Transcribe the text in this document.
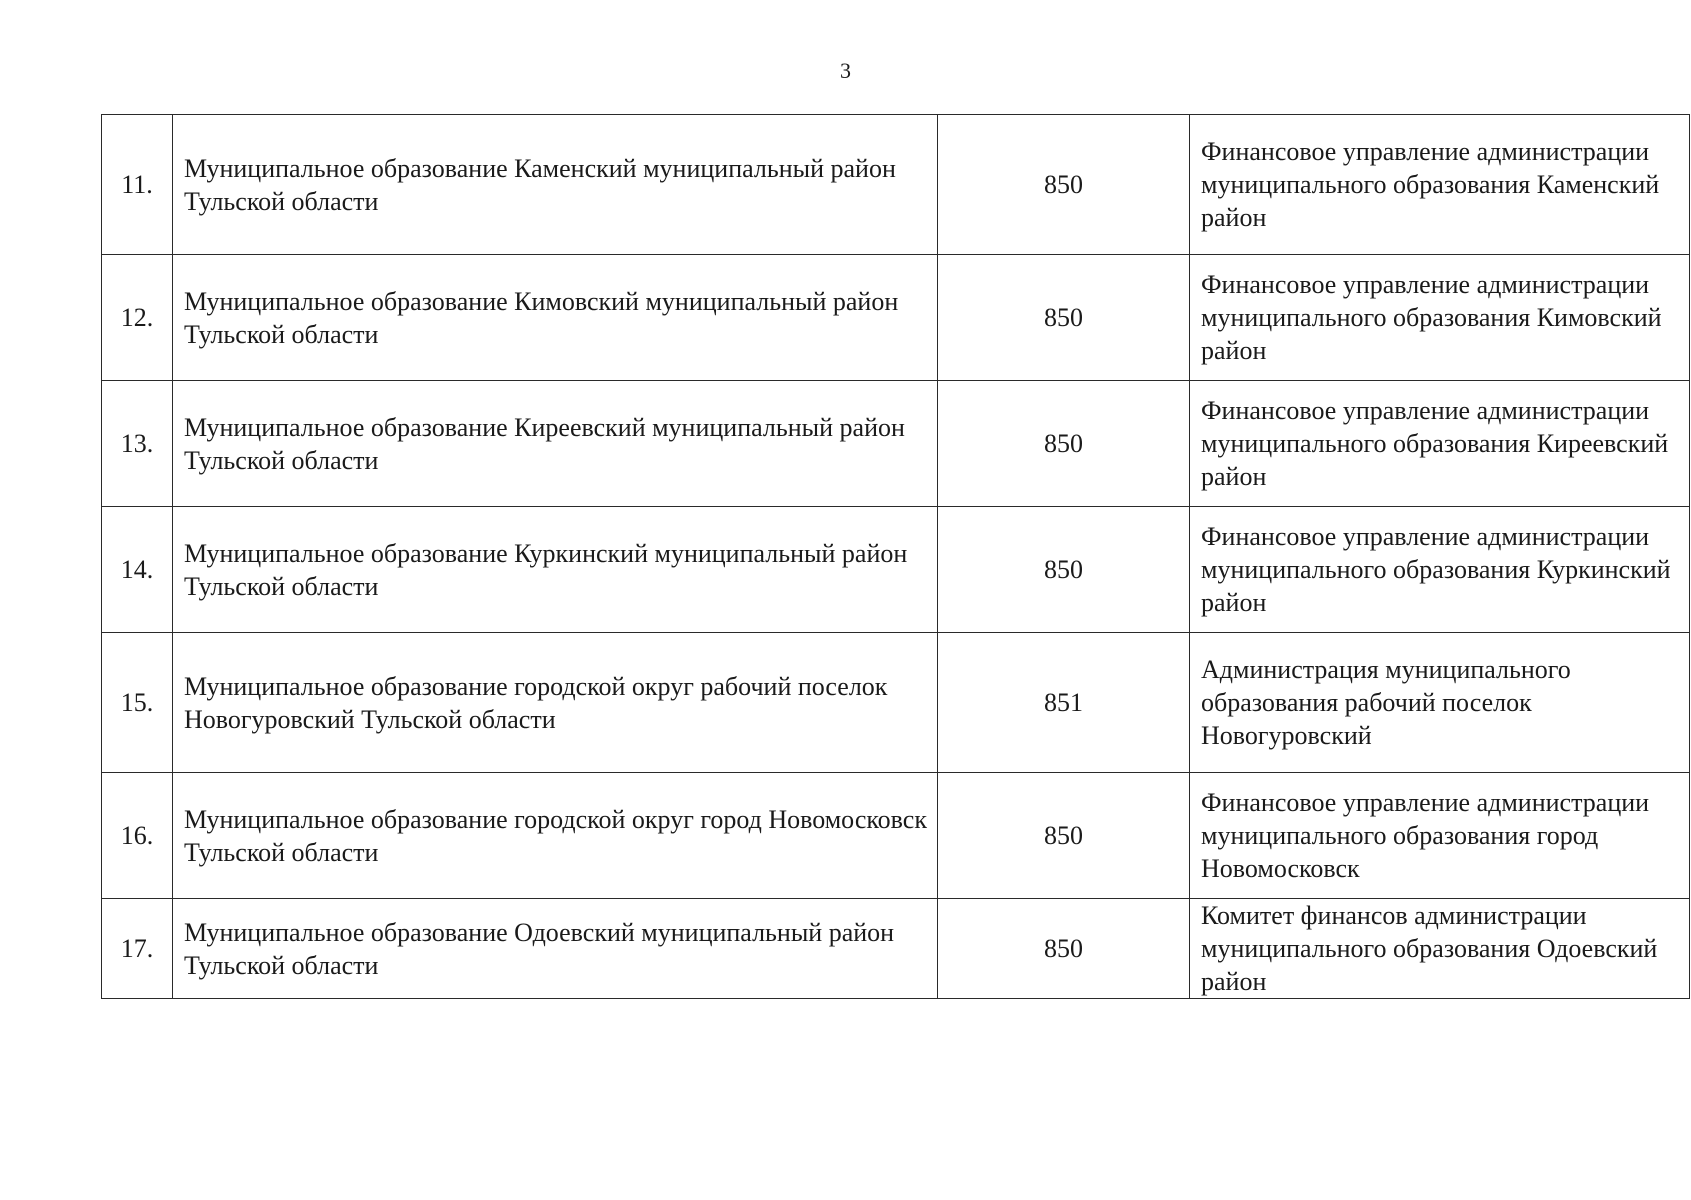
3
11.	Муниципальное образование Каменский муниципальный район Тульской области	850	Финансовое управление администрации муниципального образования Каменский район
12.	Муниципальное образование Кимовский муниципальный район Тульской области	850	Финансовое управление администрации муниципального образования Кимовский район
13.	Муниципальное образование Киреевский муниципальный район Тульской области	850	Финансовое управление администрации муниципального образования Киреевский район
14.	Муниципальное образование Куркинский муниципальный район Тульской области	850	Финансовое управление администрации муниципального образования Куркинский район
15.	Муниципальное образование городской округ рабочий поселок Новогуровский Тульской области	851	Администрация муниципального образования рабочий поселок Новогуровский
16.	Муниципальное образование городской округ город Новомосковск Тульской области	850	Финансовое управление администрации муниципального образования город Новомосковск
17.	Муниципальное образование Одоевский муниципальный район Тульской области	850	Комитет финансов администрации муниципального образования Одоевский район
